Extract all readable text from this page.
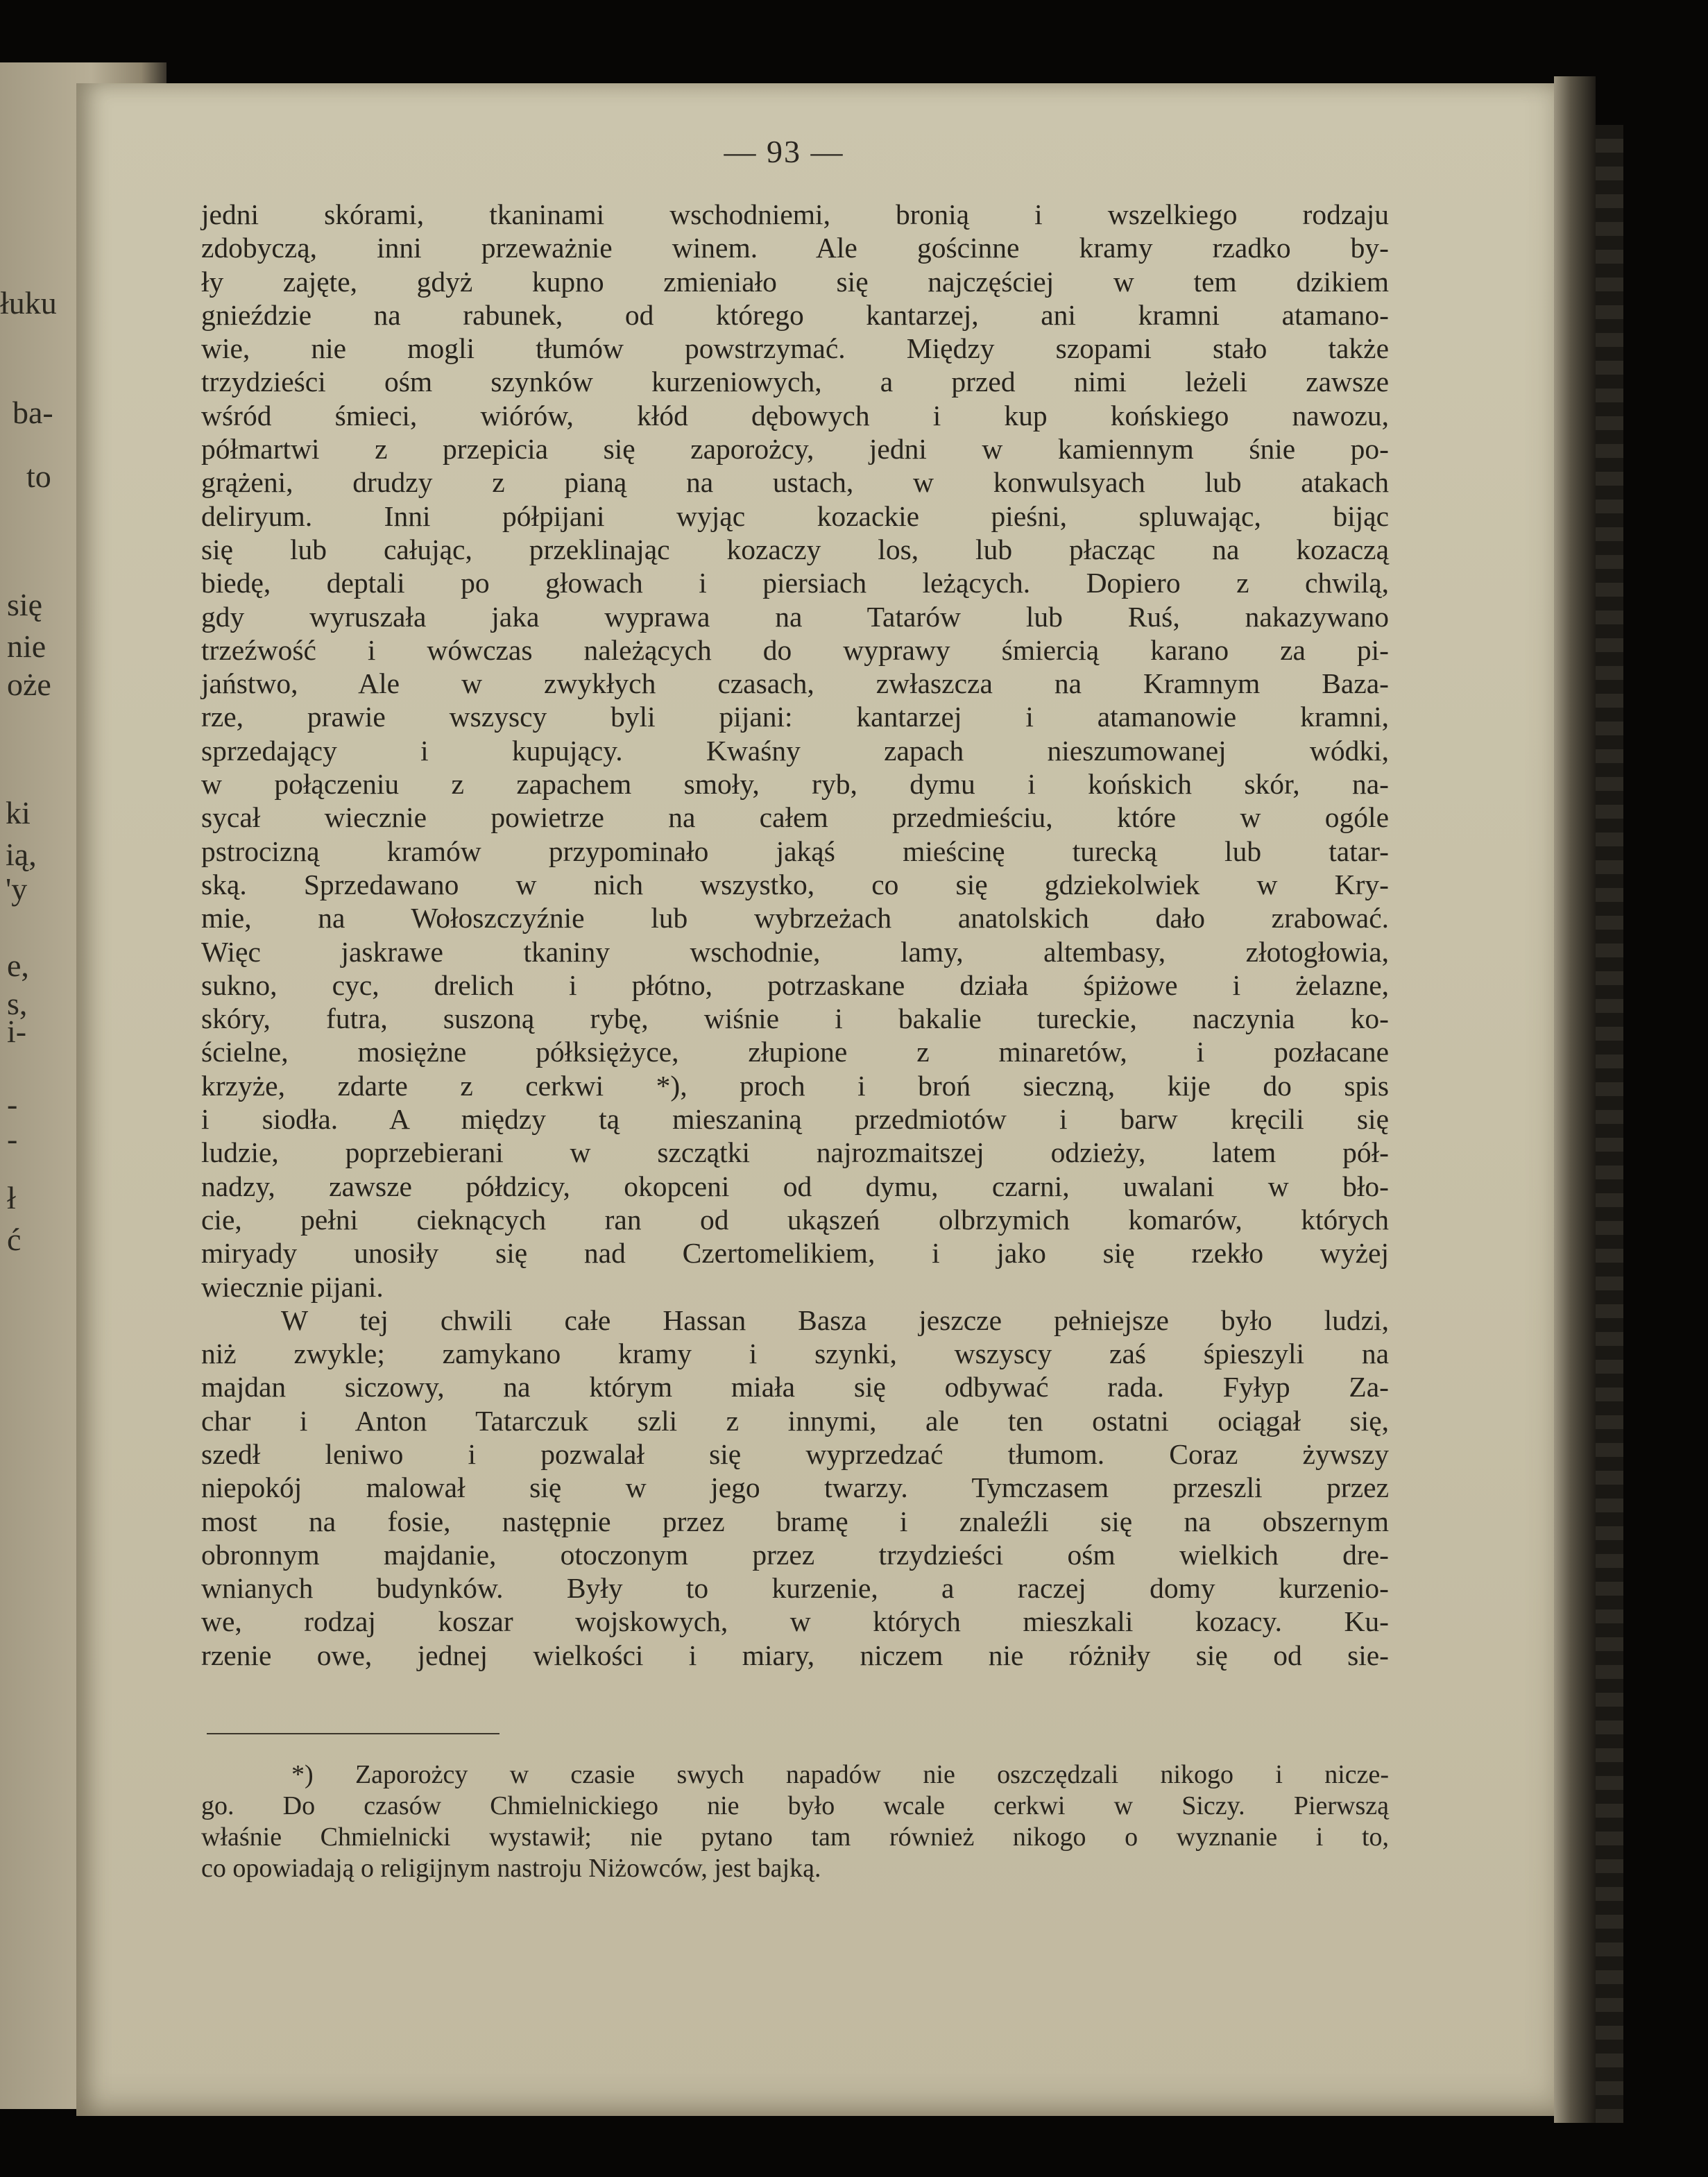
łuku
ba-
to
się
nie
oże
ki
ią,
'y
e,
s,
i-
-
-
ł
ć
— 93 —
jedni skórami, tkaninami wschodniemi, bronią i wszelkiego rodzaju
zdobyczą, inni przeważnie winem. Ale gościnne kramy rzadko by-
ły zajęte, gdyż kupno zmieniało się najczęściej w tem dzikiem
gnieździe na rabunek, od którego kantarzej, ani kramni atamano-
wie, nie mogli tłumów powstrzymać. Między szopami stało także
trzydzieści ośm szynków kurzeniowych, a przed nimi leżeli zawsze
wśród śmieci, wiórów, kłód dębowych i kup końskiego nawozu,
półmartwi z przepicia się zaporożcy, jedni w kamiennym śnie po-
grążeni, drudzy z pianą na ustach, w konwulsyach lub atakach
delіryum. Inni półpijani wyjąc kozackie pieśni, spluwając, bijąc
się lub całując, przeklinając kozaczy los, lub płacząc na kozaczą
biedę, deptali po głowach i piersiach leżących. Dopiero z chwilą,
gdy wyruszała jaka wyprawa na Tatarów lub Ruś, nakazywano
trzeźwość i wówczas należących do wyprawy śmiercią karano za pi-
jaństwo, Ale w zwykłych czasach, zwłaszcza na Kramnym Baza-
rze, prawie wszyscy byli pijani: kantarzej i atamanowie kramni,
sprzedający i kupujący. Kwaśny zapach nieszumowanej wódki,
w połączeniu z zapachem smoły, ryb, dymu i końskich skór, na-
sycał wiecznie powietrze na całem przedmieściu, które w ogóle
pstrocizną kramów przypominało jakąś mieścinę turecką lub tatar-
ską. Sprzedawano w nich wszystko, co się gdziekolwiek w Kry-
mie, na Wołoszczyźnie lub wybrzeżach anatolskich dało zrabować.
Więc jaskrawe tkaniny wschodnie, lamy, altembasy, złotogłowia,
sukno, cyc, drelich i płótno, potrzaskane działa śpiżowe i żelazne,
skóry, futra, suszoną rybę, wiśnie i bakalie tureckie, naczynia ko-
ścielne, mosiężne półksiężyce, złupione z minaretów, i pozłacane
krzyże, zdarte z cerkwi *), proch i broń sieczną, kije do spis
i siodła. A między tą mieszaniną przedmiotów i barw kręcili się
ludzie, poprzebierani w szczątki najrozmaitszej odzieży, latem pół-
nadzy, zawsze półdzicy, okopceni od dymu, czarni, uwalani w bło-
cie, pełni cieknących ran od ukąszeń olbrzymich komarów, których
miryady unosiły się nad Czertomelikiem, i jako się rzekło wyżej
wiecznie pijani.
W tej chwili całe Hassan Basza jeszcze pełniejsze było ludzi,
niż zwykle; zamykano kramy i szynki, wszyscy zaś śpieszyli na
majdan siczowy, na którym miała się odbywać rada. Fyłyp Za-
char i Anton Tatarczuk szli z innymi, ale ten ostatni ociągał się,
szedł leniwo i pozwalał się wyprzedzać tłumom. Coraz żywszy
niepokój malował się w jego twarzy. Tymczasem przeszli przez
most na fosie, następnie przez bramę i znaleźli się na obszernym
obronnym majdanie, otoczonym przez trzydzieści ośm wielkich dre-
wnianych budynków. Były to kurzenie, a raczej domy kurzenio-
we, rodzaj koszar wojskowych, w których mieszkali kozacy. Ku-
rzenie owe, jednej wielkości i miary, niczem nie różniły się od sie-
*) Zaporożcy w czasie swych napadów nie oszczędzali nikogo i nicze-
go. Do czasów Chmielnickiego nie było wcale cerkwi w Siczy. Pierwszą
właśnie Chmielnicki wystawił; nie pytano tam również nikogo o wyznanie i to,
co opowiadają o religijnym nastroju Niżowców, jest bajką.
